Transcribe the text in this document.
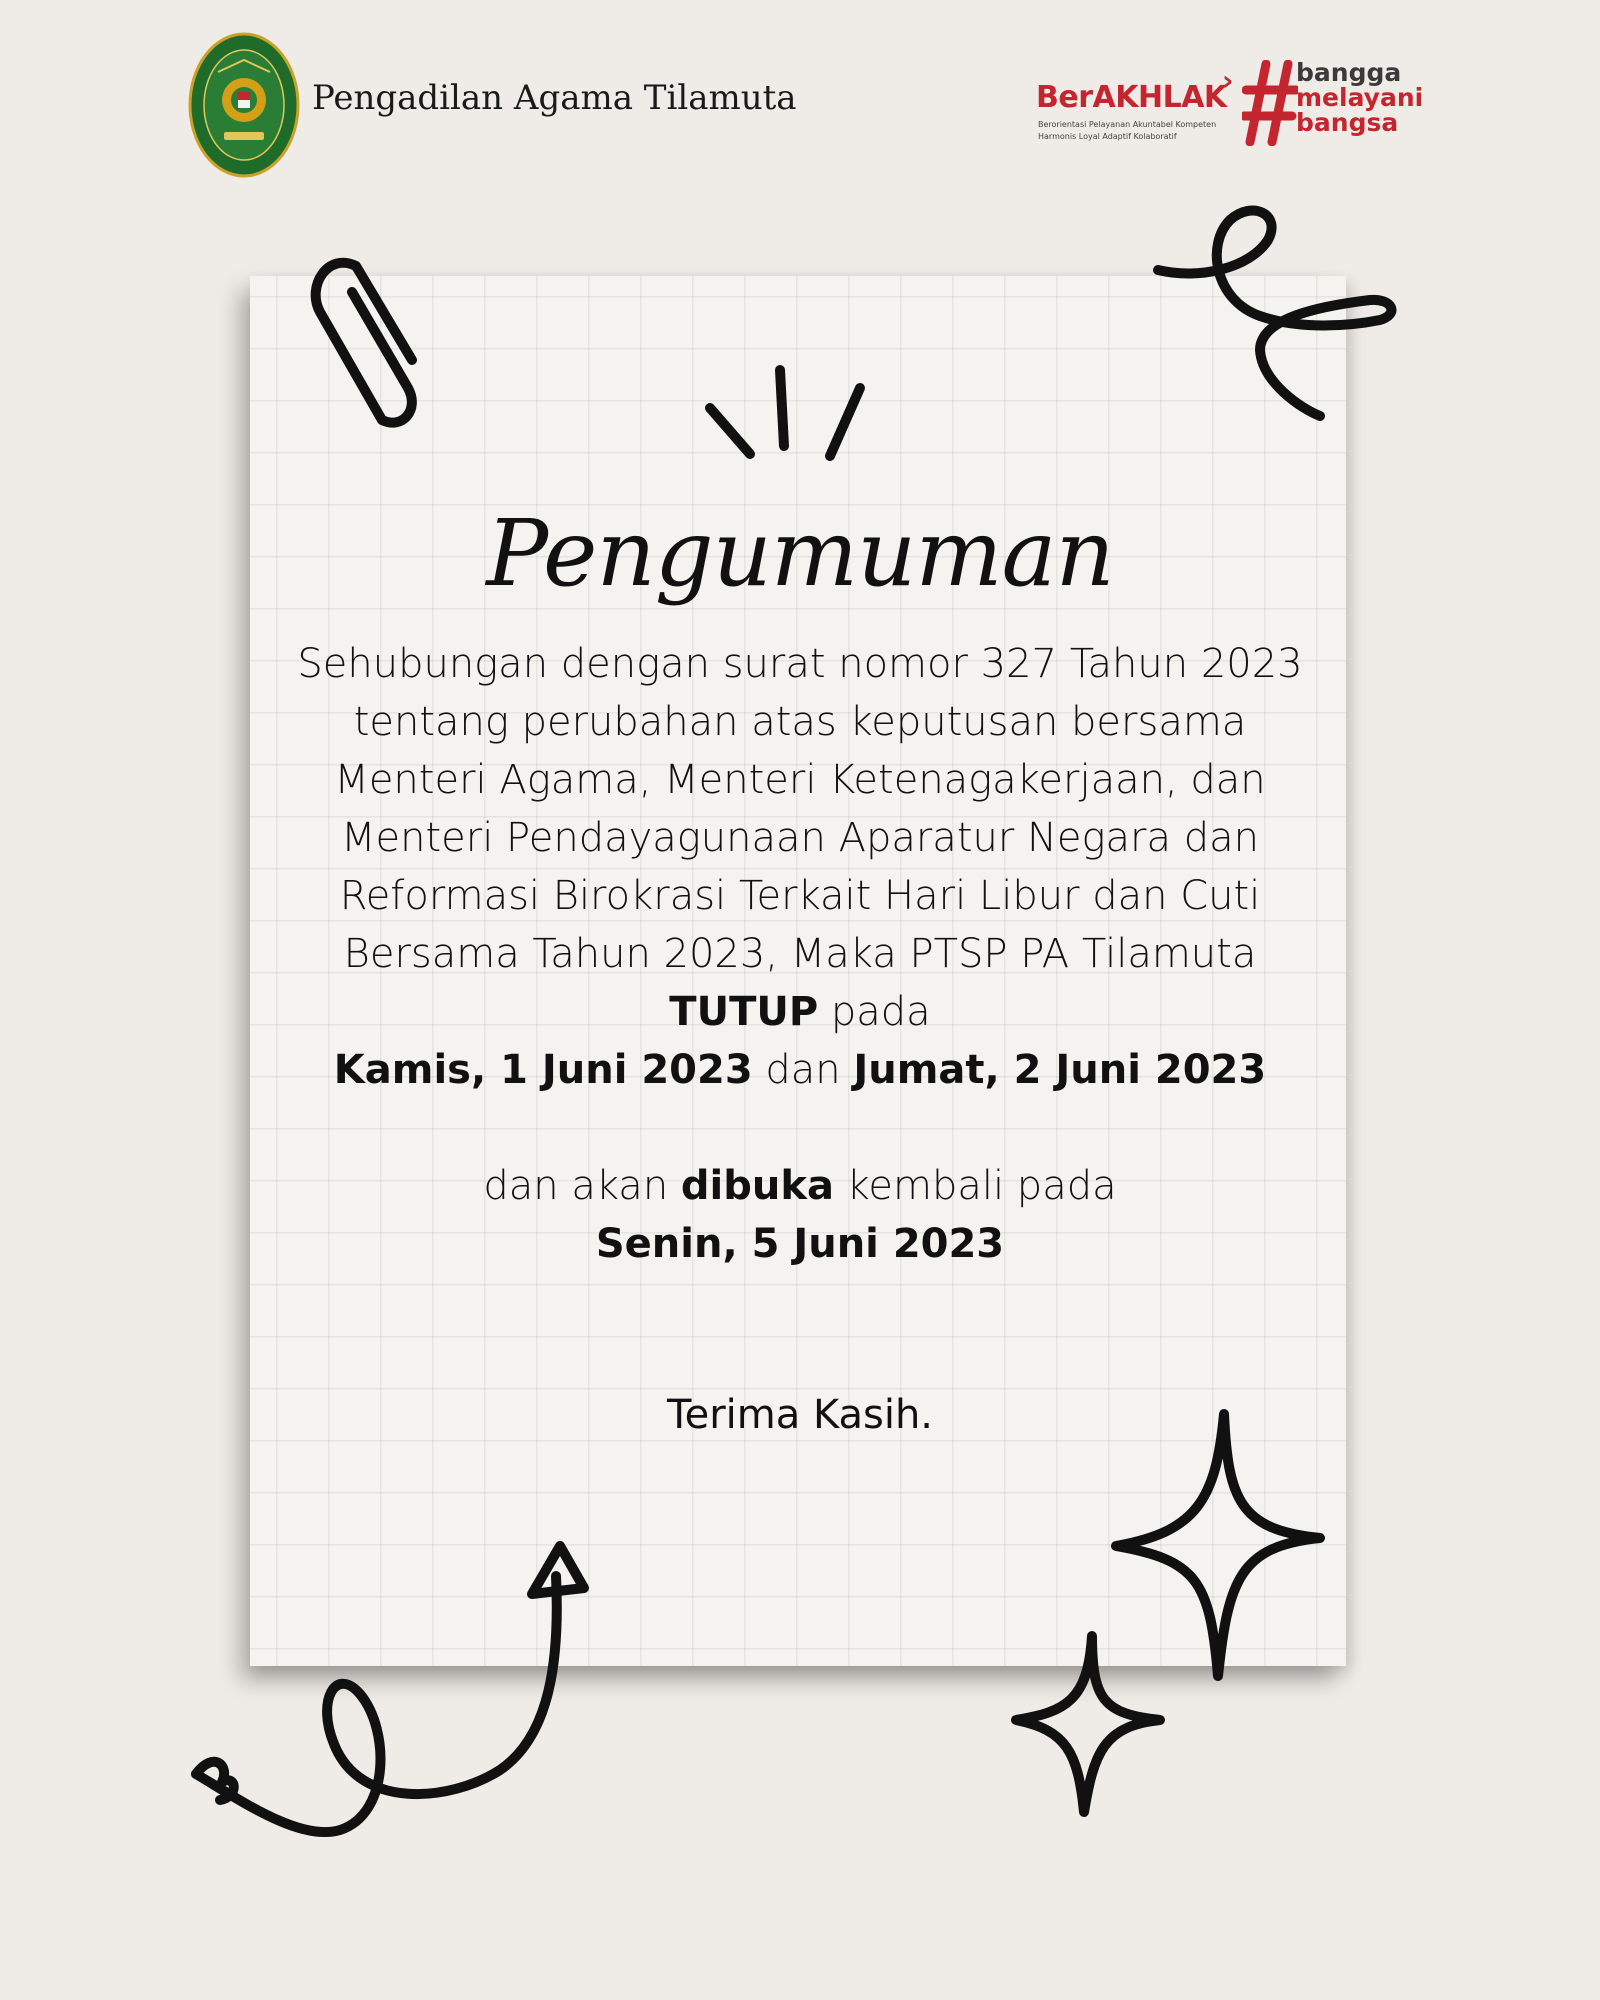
Pengadilan Agama Tilamuta	BerAKHLAK
›
Berorientasi Pelayanan Akuntabel Kompeten
Harmonis Loyal Adaptif Kolaboratif
bangga
melayani
bangsa
Pengumuman
Sehubungan dengan surat nomor 327 Tahun 2023
tentang perubahan atas keputusan bersama
Menteri Agama, Menteri Ketenagakerjaan, dan
Menteri Pendayagunaan Aparatur Negara dan
Reformasi Birokrasi Terkait Hari Libur dan Cuti
Bersama Tahun 2023, Maka PTSP PA Tilamuta
TUTUP pada
Kamis, 1 Juni 2023 dan Jumat, 2 Juni 2023
dan akan dibuka kembali pada
Senin, 5 Juni 2023
Terima Kasih.
